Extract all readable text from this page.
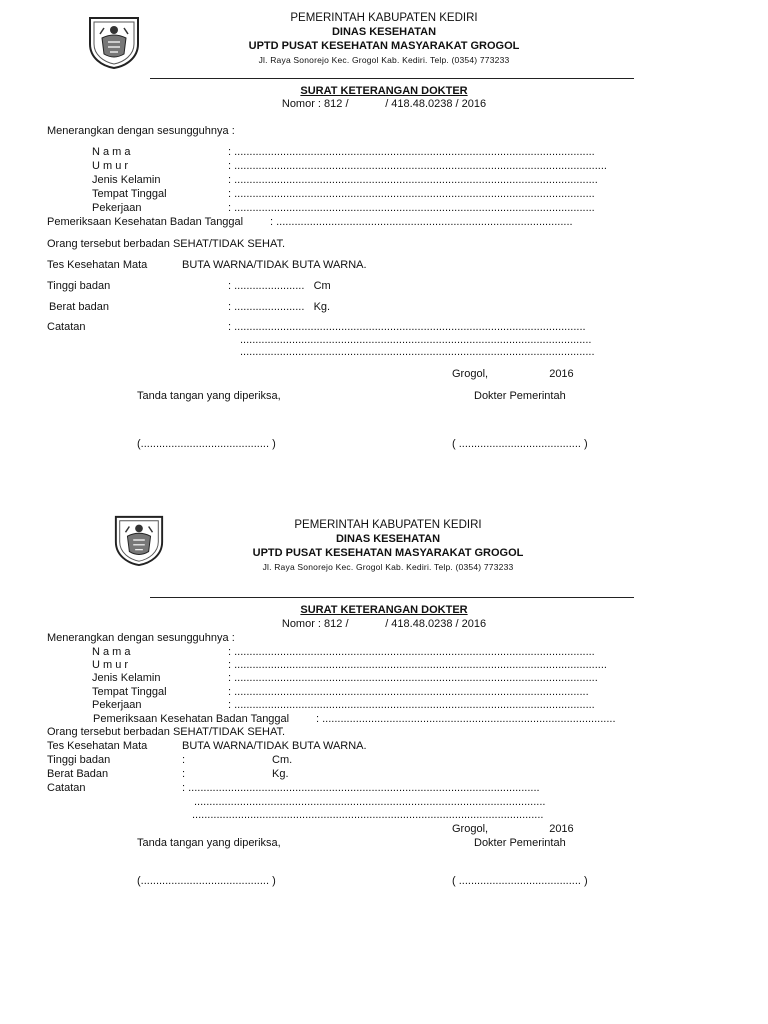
PEMERINTAH KABUPATEN KEDIRI
DINAS KESEHATAN
UPTD PUSAT KESEHATAN MASYARAKAT GROGOL
Jl. Raya Sonorejo Kec. Grogol Kab. Kediri. Telp. (0354) 773233
SURAT KETERANGAN DOKTER
Nomor : 812 /            / 418.48.0238 / 2016
Menerangkan dengan sesungguhnya :
N a m a	: ......................................................................................................................
U m u r	: ..........................................................................................................................
Jenis Kelamin	: .......................................................................................................................
Tempat Tinggal	: ......................................................................................................................
Pekerjaan	: ......................................................................................................................
Pemeriksaan Kesehatan Badan Tanggal : .................................................................................................
Orang tersebut berbadan SEHAT/TIDAK SEHAT.
Tes Kesehatan Mata	BUTA WARNA/TIDAK BUTA WARNA.
Tinggi badan	: .......................   Cm
Berat badan	: .......................   Kg.
Catatan	: ...................................................................................................................
...................................................................................................................
....................................................................................................................
Grogol,                    2016
Tanda tangan yang diperiksa,	Dokter Pemerintah
(.......................................... )	( ........................................ )
PEMERINTAH KABUPATEN KEDIRI
DINAS KESEHATAN
UPTD PUSAT KESEHATAN MASYARAKAT GROGOL
Jl. Raya Sonorejo Kec. Grogol Kab. Kediri. Telp. (0354) 773233
SURAT KETERANGAN DOKTER
Nomor : 812 /            / 418.48.0238 / 2016
Menerangkan dengan sesungguhnya :
N a m a	: ......................................................................................................................
U m u r	: ..........................................................................................................................
Jenis Kelamin	: .......................................................................................................................
Tempat Tinggal	: ....................................................................................................................
Pekerjaan	: ......................................................................................................................
Pemeriksaan Kesehatan Badan Tanggal : ................................................................................................
Orang tersebut berbadan SEHAT/TIDAK SEHAT.
Tes Kesehatan Mata	BUTA WARNA/TIDAK BUTA WARNA.
Tinggi badan	:	Cm.
Berat Badan	:	Kg.
Catatan	: ...................................................................................................................
...................................................................................................................
...................................................................................................................
Grogol,                    2016
Tanda tangan yang diperiksa,	Dokter Pemerintah
(.......................................... )	( ........................................ )
